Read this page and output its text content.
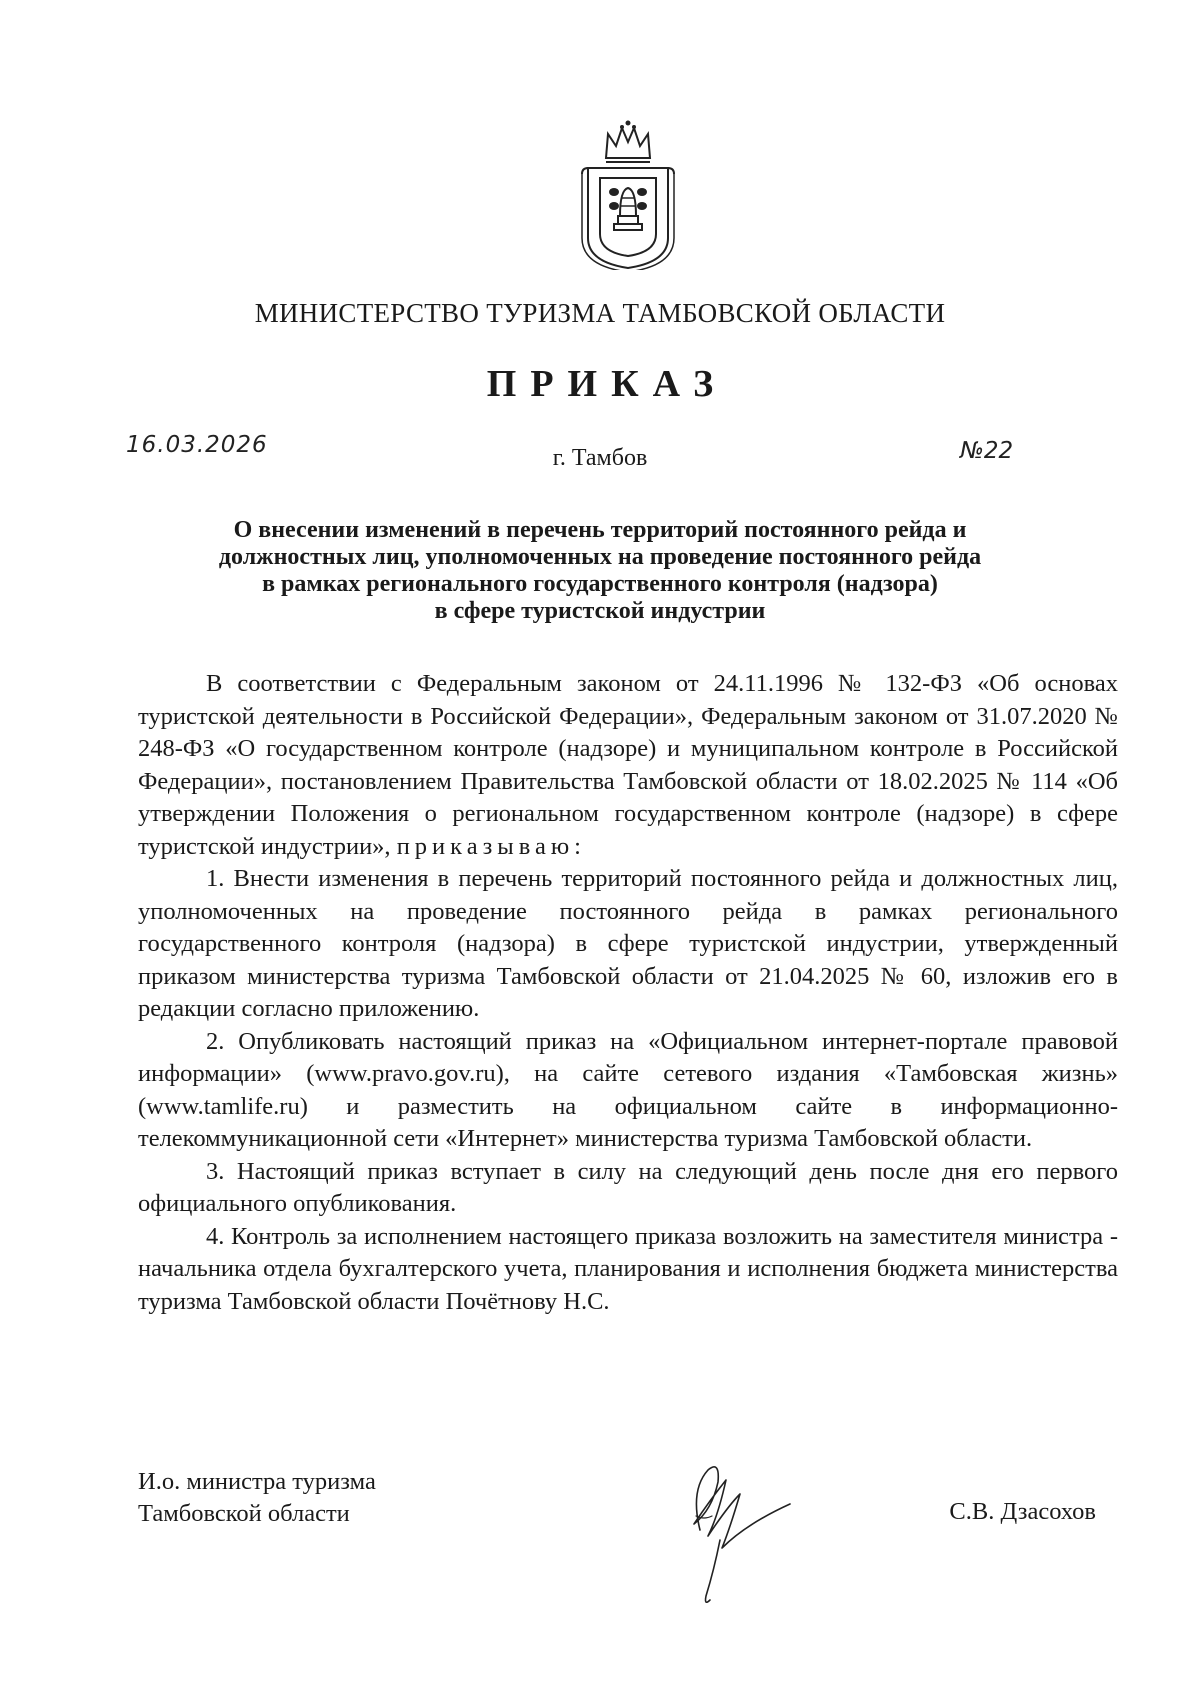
МИНИСТЕРСТВО ТУРИЗМА ТАМБОВСКОЙ ОБЛАСТИ
ПРИКАЗ
16.03.2026	г. Тамбов	№22
О внесении изменений в перечень территорий постоянного рейда и
должностных лиц, уполномоченных на проведение постоянного рейда
в рамках регионального государственного контроля (надзора)
в сфере туристской индустрии

В соответствии с Федеральным законом от 24.11.1996 № 132-ФЗ «Об основах туристской деятельности в Российской Федерации», Федеральным законом от 31.07.2020 № 248-ФЗ «О государственном контроле (надзоре) и муниципальном контроле в Российской Федерации», постановлением Правительства Тамбовской области от 18.02.2025 № 114 «Об утверждении Положения о региональном государственном контроле (надзоре) в сфере туристской индустрии», приказываю:

1. Внести изменения в перечень территорий постоянного рейда и должностных лиц, уполномоченных на проведение постоянного рейда в рамках регионального государственного контроля (надзора) в сфере туристской индустрии, утвержденный приказом министерства туризма Тамбовской области от 21.04.2025 № 60, изложив его в редакции согласно приложению.

2. Опубликовать настоящий приказ на «Официальном интернет-портале правовой информации» (www.pravo.gov.ru), на сайте сетевого издания «Тамбовская жизнь» (www.tamlife.ru) и разместить на официальном сайте в информационно-телекоммуникационной сети «Интернет» министерства туризма Тамбовской области.

3. Настоящий приказ вступает в силу на следующий день после дня его первого официального опубликования.

4. Контроль за исполнением настоящего приказа возложить на заместителя министра - начальника отдела бухгалтерского учета, планирования и исполнения бюджета министерства туризма Тамбовской области Почётнову Н.С.

И.о. министра туризма
Тамбовской области	С.В. Дзасохов
